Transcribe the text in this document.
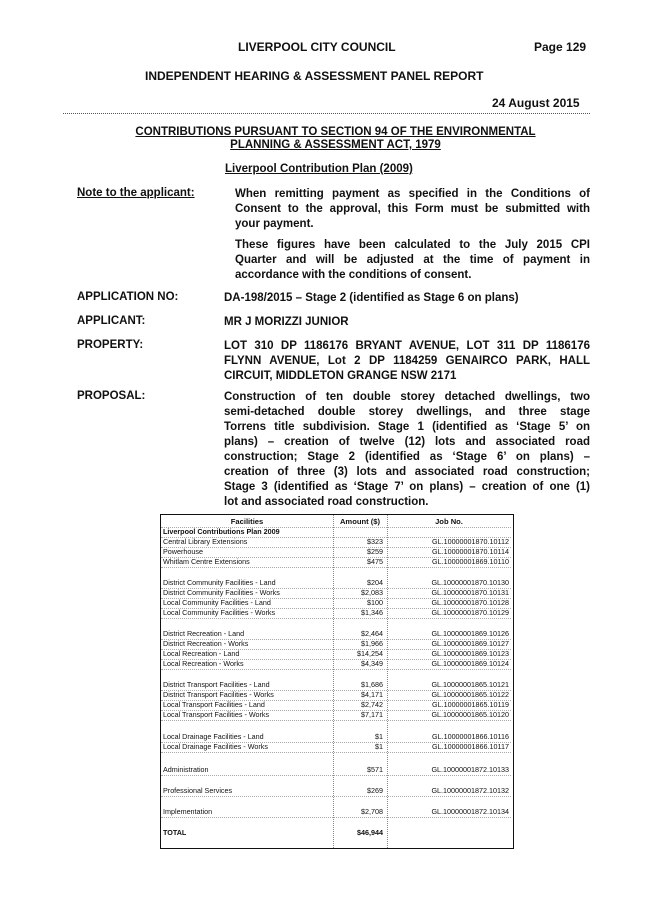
LIVERPOOL CITY COUNCIL	Page 129
INDEPENDENT HEARING & ASSESSMENT PANEL REPORT
24 August 2015
CONTRIBUTIONS PURSUANT TO SECTION 94 OF THE ENVIRONMENTAL
PLANNING & ASSESSMENT ACT, 1979
Liverpool Contribution Plan (2009)
Note to the applicant:	When remitting payment as specified in the Conditions of
Consent to the approval, this Form must be submitted with
your payment.
These figures have been calculated to the July 2015 CPI
Quarter and will be adjusted at the time of payment in
accordance with the conditions of consent.
APPLICATION NO:	DA-198/2015 – Stage 2 (identified as Stage 6 on plans)
APPLICANT:	MR J MORIZZI JUNIOR
PROPERTY:	LOT 310 DP 1186176 BRYANT AVENUE, LOT 311 DP 1186176
FLYNN AVENUE, Lot 2 DP 1184259 GENAIRCO PARK, HALL
CIRCUIT, MIDDLETON GRANGE NSW 2171
PROPOSAL:	Construction of ten double storey detached dwellings, two
semi-detached double storey dwellings, and three stage
Torrens title subdivision. Stage 1 (identified as ‘Stage 5’ on
plans) – creation of twelve (12) lots and associated road
construction; Stage 2 (identified as ‘Stage 6’ on plans) –
creation of three (3) lots and associated road construction;
Stage 3 (identified as ‘Stage 7’ on plans) – creation of one (1)
lot and associated road construction.
Facilities	Amount ($)	Job No.
Liverpool Contributions Plan 2009
Central Library Extensions	$323	GL.10000001870.10112
Powerhouse	$259	GL.10000001870.10114
Whitlam Centre Extensions	$475	GL.10000001869.10110
District Community Facilities - Land	$204	GL.10000001870.10130
District Community Facilities - Works	$2,083	GL.10000001870.10131
Local Community Facilities - Land	$100	GL.10000001870.10128
Local Community Facilities - Works	$1,346	GL.10000001870.10129
District Recreation - Land	$2,464	GL.10000001869.10126
District Recreation - Works	$1,966	GL.10000001869.10127
Local Recreation - Land	$14,254	GL.10000001869.10123
Local Recreation - Works	$4,349	GL.10000001869.10124
District Transport Facilities - Land	$1,686	GL.10000001865.10121
District Transport Facilities - Works	$4,171	GL.10000001865.10122
Local Transport Facilities - Land	$2,742	GL.10000001865.10119
Local Transport Facilities - Works	$7,171	GL.10000001865.10120
Local Drainage Facilities - Land	$1	GL.10000001866.10116
Local Drainage Facilities - Works	$1	GL.10000001866.10117
Administration	$571	GL.10000001872.10133
Professional Services	$269	GL.10000001872.10132
Implementation	$2,708	GL.10000001872.10134
TOTAL	$46,944
